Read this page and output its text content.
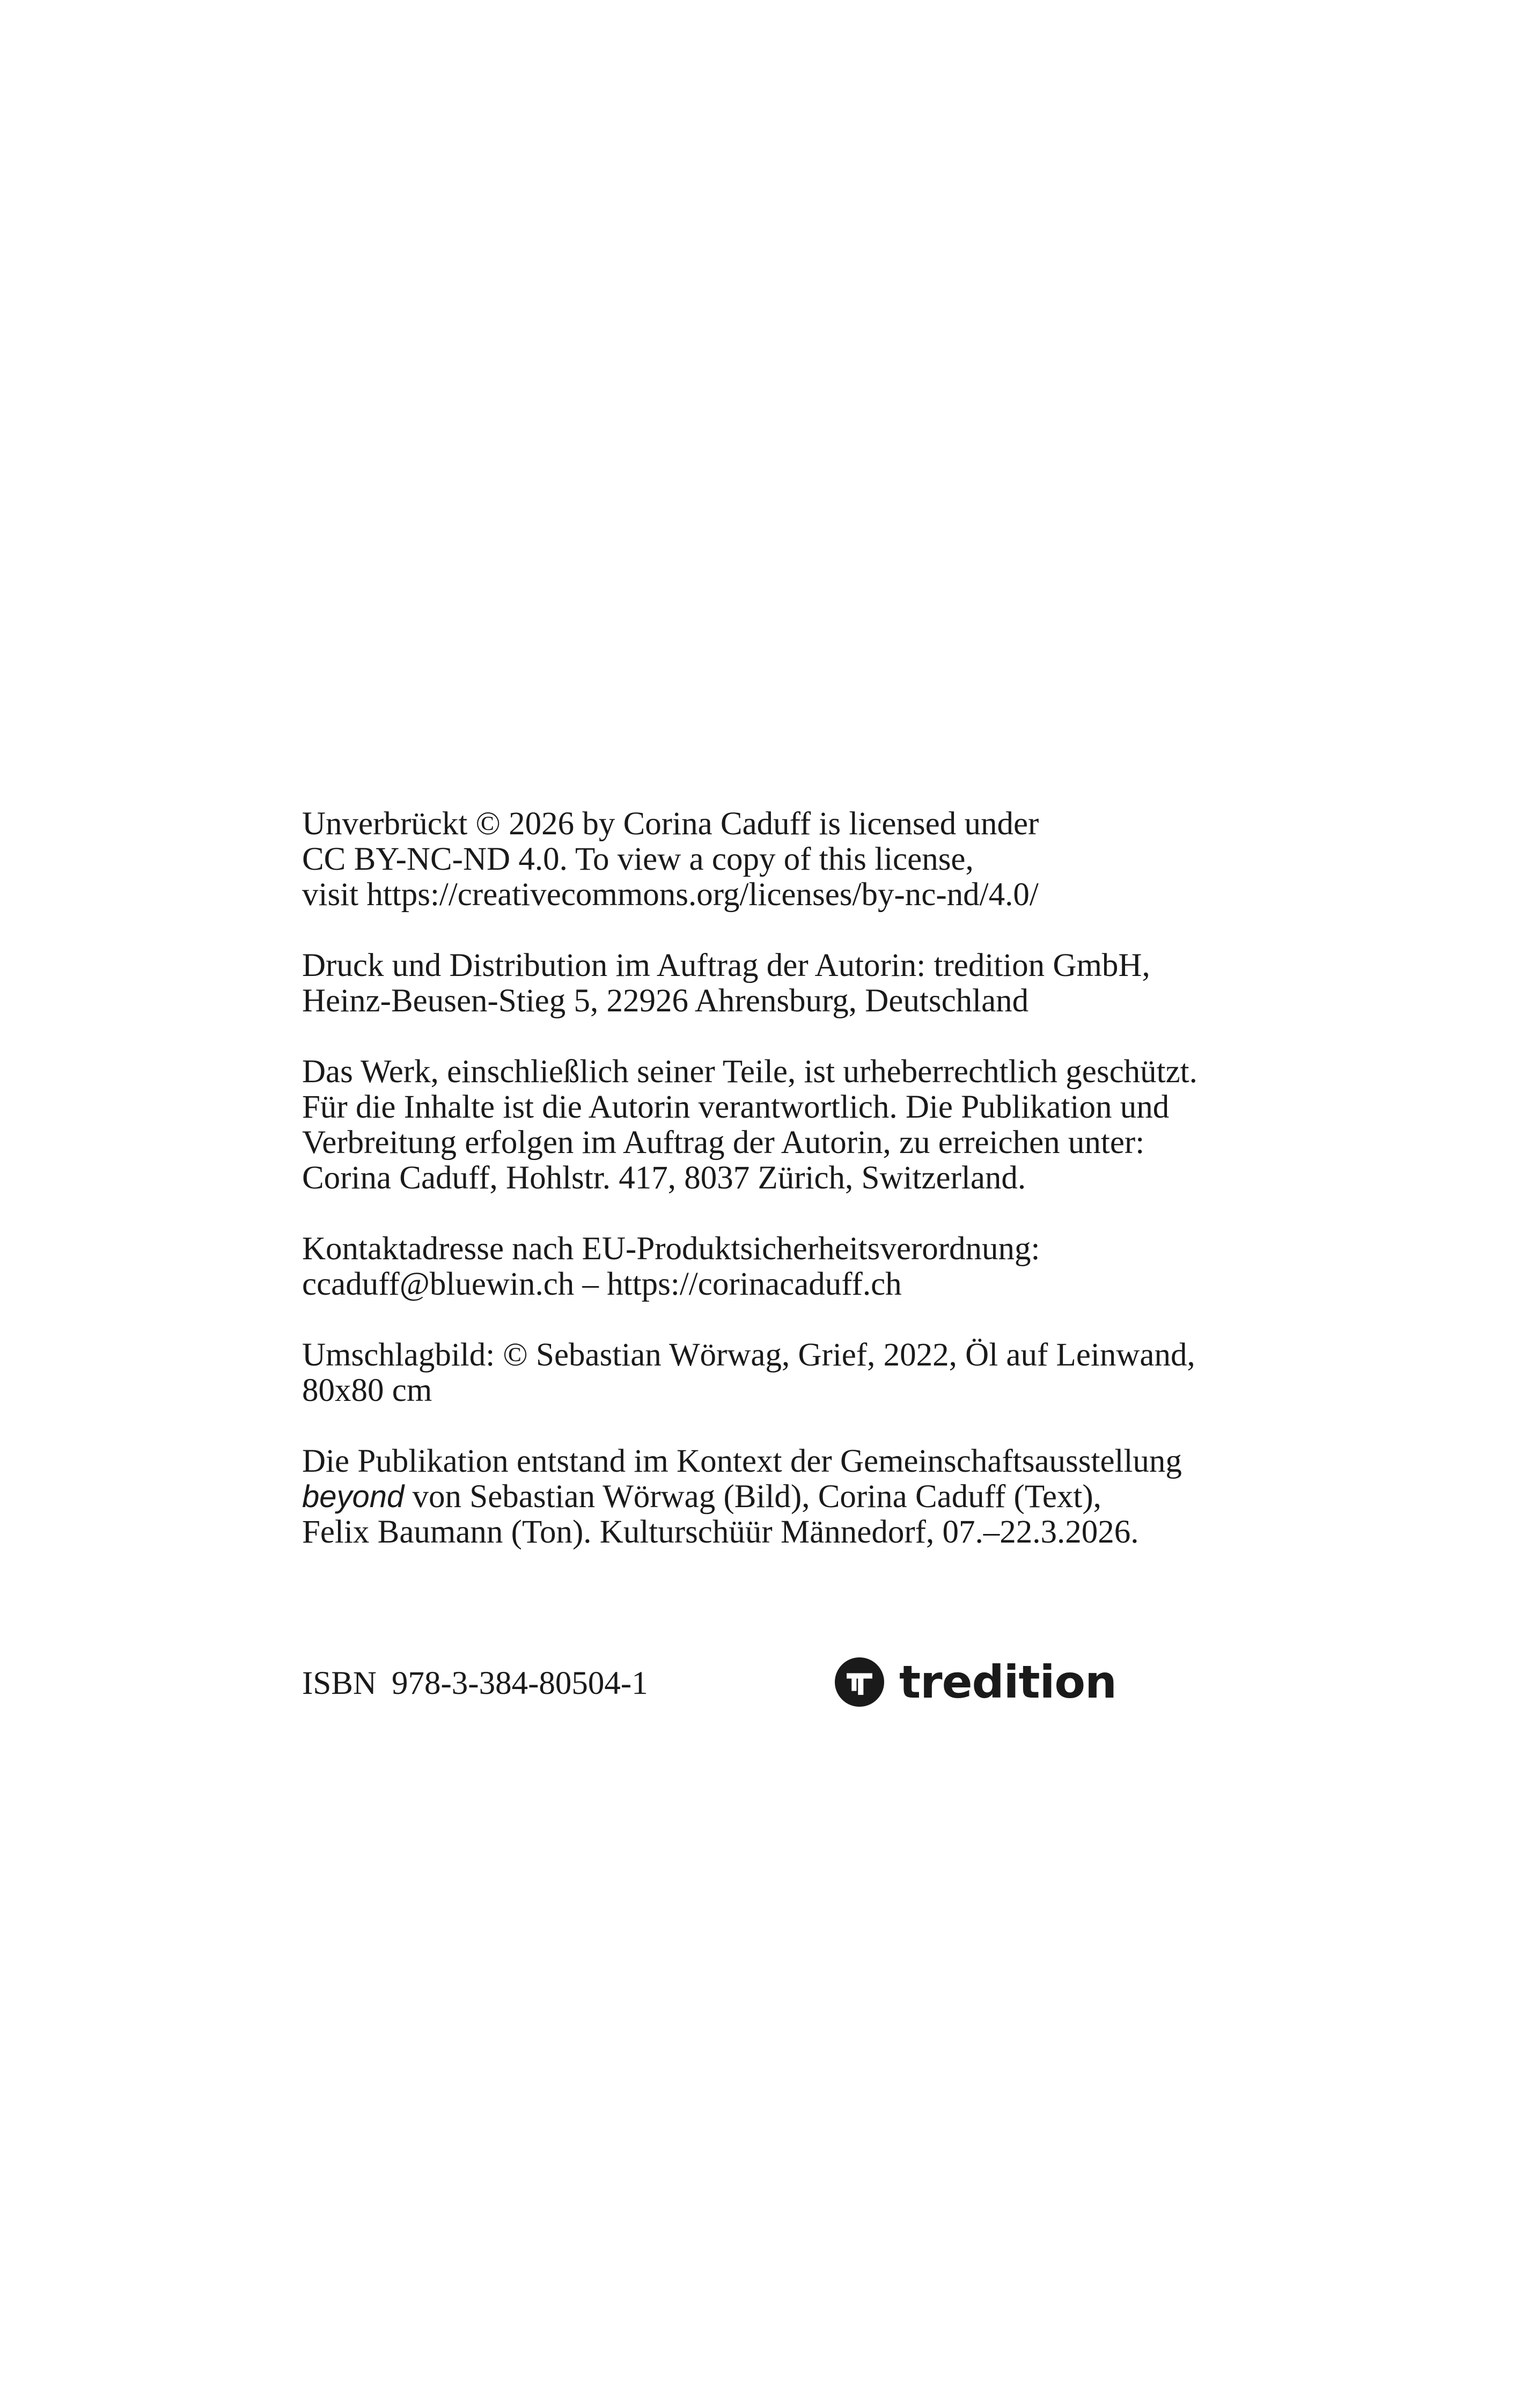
Unverbrückt © 2026 by Corina Caduff is licensed under
CC BY-NC-ND 4.0. To view a copy of this license,
visit https://creativecommons.org/licenses/by-nc-nd/4.0/

Druck und Distribution im Auftrag der Autorin: tredition GmbH,
Heinz-Beusen-Stieg 5, 22926 Ahrensburg, Deutschland

Das Werk, einschließlich seiner Teile, ist urheberrechtlich geschützt.
Für die Inhalte ist die Autorin verantwortlich. Die Publikation und
Verbreitung erfolgen im Auftrag der Autorin, zu erreichen unter:
Corina Caduff, Hohlstr. 417, 8037 Zürich, Switzerland.

Kontaktadresse nach EU-Produktsicherheitsverordnung:
ccaduff@bluewin.ch – https://corinacaduff.ch

Umschlagbild: © Sebastian Wörwag, Grief, 2022, Öl auf Leinwand,
80x80 cm

Die Publikation entstand im Kontext der Gemeinschaftsausstellung
beyond von Sebastian Wörwag (Bild), Corina Caduff (Text),
Felix Baumann (Ton). Kulturschüür Männedorf, 07.–22.3.2026.

ISBN 978-3-384-80504-1	tredition
